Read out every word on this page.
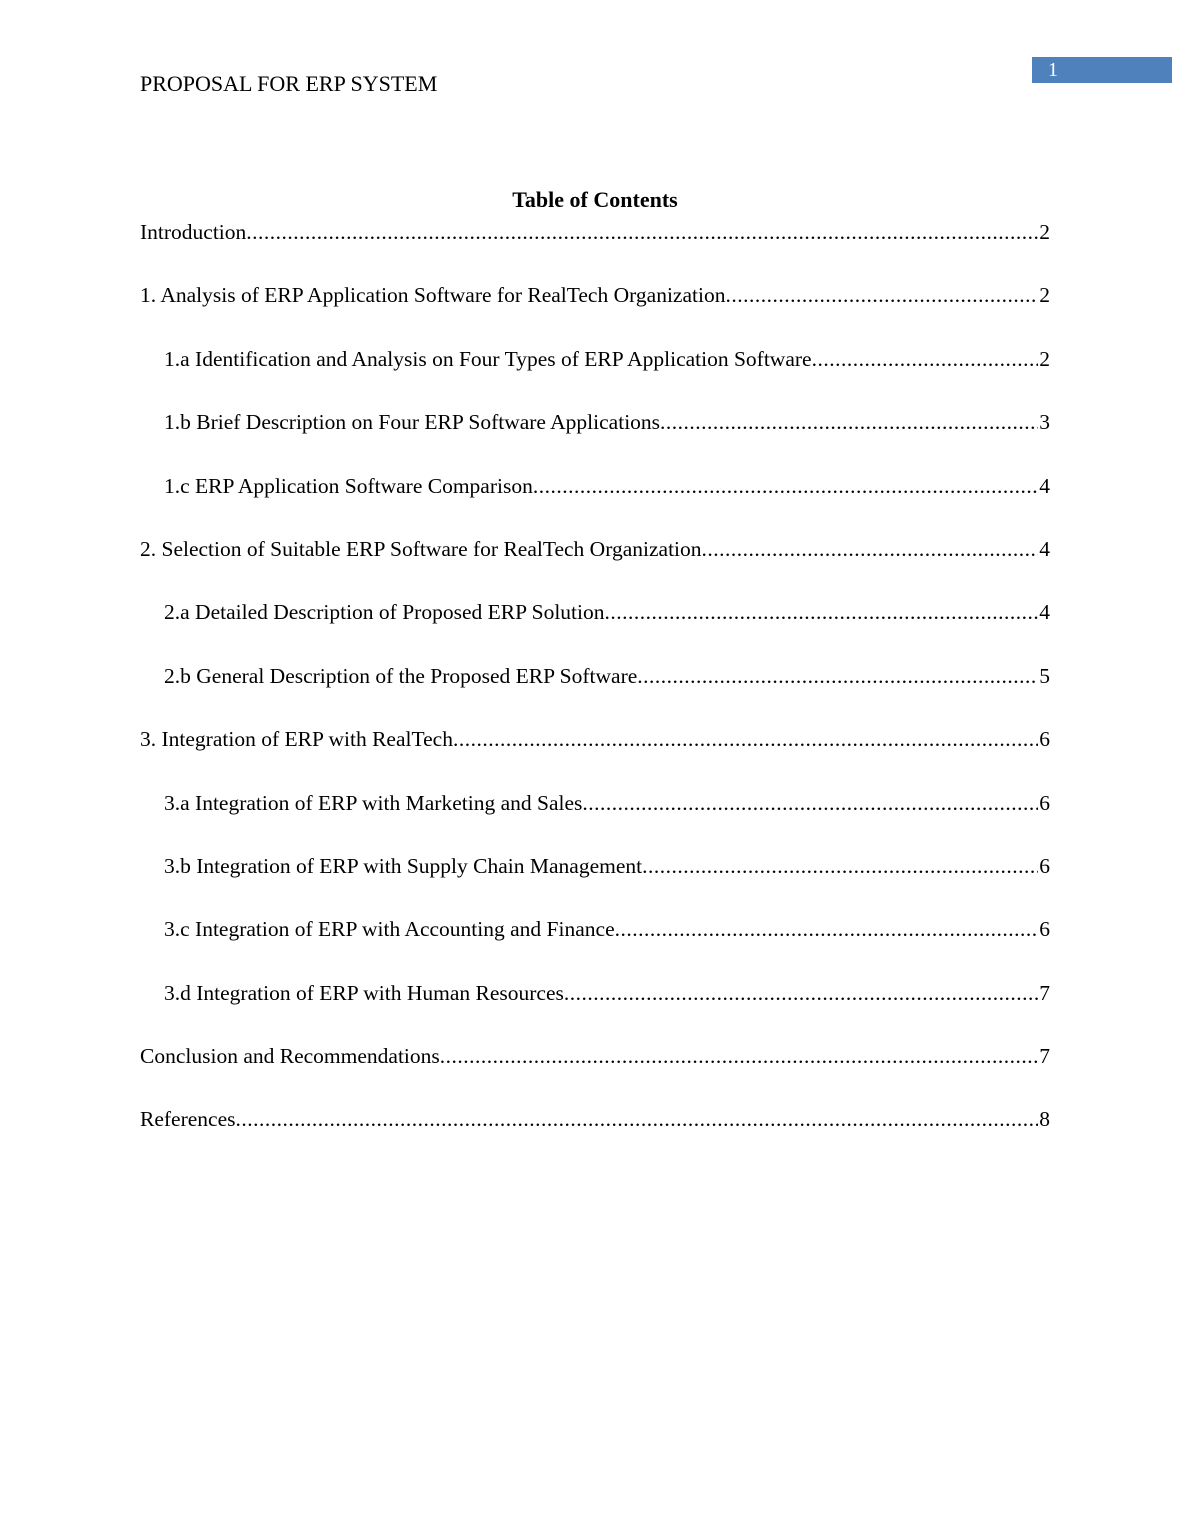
PROPOSAL FOR ERP SYSTEM
1
Table of Contents
Introduction .....	2
1. Analysis of ERP Application Software for RealTech Organization .....	2
1.a Identification and Analysis on Four Types of ERP Application Software .....	2
1.b Brief Description on Four ERP Software Applications .....	3
1.c ERP Application Software Comparison .....	4
2. Selection of Suitable ERP Software for RealTech Organization .....	4
2.a Detailed Description of Proposed ERP Solution .....	4
2.b General Description of the Proposed ERP Software .....	5
3. Integration of ERP with RealTech .....	6
3.a Integration of ERP with Marketing and Sales .....	6
3.b Integration of ERP with Supply Chain Management .....	6
3.c Integration of ERP with Accounting and Finance .....	6
3.d Integration of ERP with Human Resources .....	7
Conclusion and Recommendations .....	7
References .....	8
